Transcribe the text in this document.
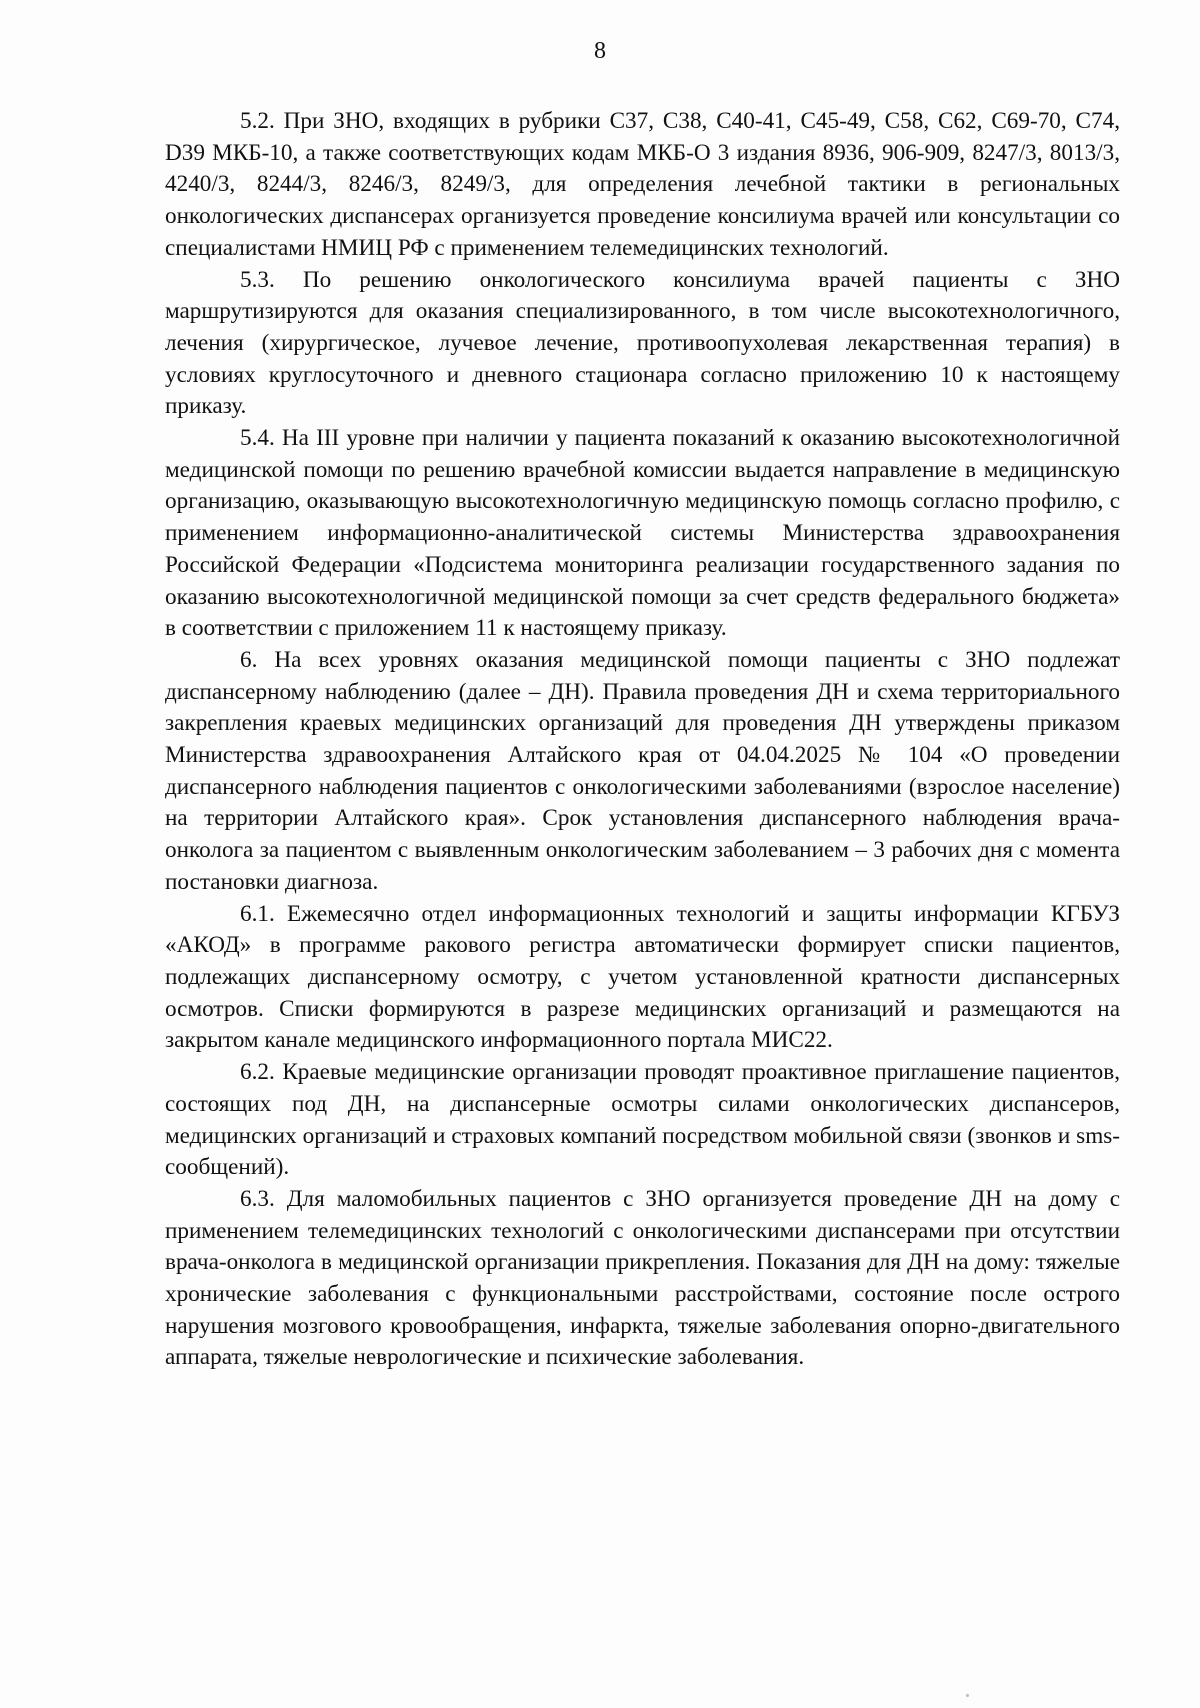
8

5.2. При ЗНО, входящих в рубрики С37, С38, С40-41, С45-49, С58, С62, С69-70, С74, D39 МКБ-10, а также соответствующих кодам МКБ-О 3 издания 8936, 906-909, 8247/3, 8013/3, 4240/3, 8244/3, 8246/3, 8249/3, для определения лечебной тактики в региональных онкологических диспансерах организуется проведение консилиума врачей или консультации со специалистами НМИЦ РФ с применением телемедицинских технологий.

5.3. По решению онкологического консилиума врачей пациенты с ЗНО маршрутизируются для оказания специализированного, в том числе высокотехнологичного, лечения (хирургическое, лучевое лечение, противоопухолевая лекарственная терапия) в условиях круглосуточного и дневного стационара согласно приложению 10 к настоящему приказу.

5.4. На III уровне при наличии у пациента показаний к оказанию высокотехнологичной медицинской помощи по решению врачебной комиссии выдается направление в медицинскую организацию, оказывающую высокотехнологичную медицинскую помощь согласно профилю, с применением информационно-аналитической системы Министерства здравоохранения Российской Федерации «Подсистема мониторинга реализации государственного задания по оказанию высокотехнологичной медицинской помощи за счет средств федерального бюджета» в соответствии с приложением 11 к настоящему приказу.

6. На всех уровнях оказания медицинской помощи пациенты с ЗНО подлежат диспансерному наблюдению (далее – ДН). Правила проведения ДН и схема территориального закрепления краевых медицинских организаций для проведения ДН утверждены приказом Министерства здравоохранения Алтайского края от 04.04.2025 № 104 «О проведении диспансерного наблюдения пациентов с онкологическими заболеваниями (взрослое население) на территории Алтайского края». Срок установления диспансерного наблюдения врача-онколога за пациентом с выявленным онкологическим заболеванием – 3 рабочих дня с момента постановки диагноза.

6.1. Ежемесячно отдел информационных технологий и защиты информации КГБУЗ «АКОД» в программе ракового регистра автоматически формирует списки пациентов, подлежащих диспансерному осмотру, с учетом установленной кратности диспансерных осмотров. Списки формируются в разрезе медицинских организаций и размещаются на закрытом канале медицинского информационного портала МИС22.

6.2. Краевые медицинские организации проводят проактивное приглашение пациентов, состоящих под ДН, на диспансерные осмотры силами онкологических диспансеров, медицинских организаций и страховых компаний посредством мобильной связи (звонков и sms-сообщений).

6.3. Для маломобильных пациентов с ЗНО организуется проведение ДН на дому с применением телемедицинских технологий с онкологическими диспансерами при отсутствии врача-онколога в медицинской организации прикрепления. Показания для ДН на дому: тяжелые хронические заболевания с функциональными расстройствами, состояние после острого нарушения мозгового кровообращения, инфаркта, тяжелые заболевания опорно-двигательного аппарата, тяжелые неврологические и психические заболевания.
